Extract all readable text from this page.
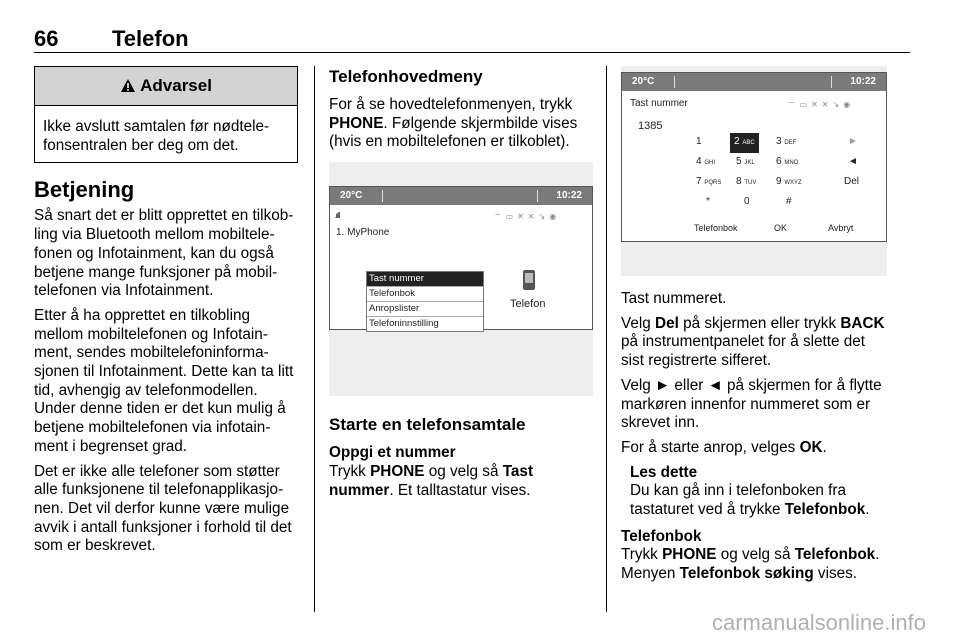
66 Telefon
Advarsel
Ikke avslutt samtalen før nødtelefonsentralen ber deg om det.
Betjening

Så snart det er blitt opprettet en tilkobling via Bluetooth mellom mobiltelefonen og Infotainment, kan du også betjene mange funksjoner på mobiltelefonen via Infotainment.

Etter å ha opprettet en tilkobling mellom mobiltelefonen og Infotainment, sendes mobiltelefoninformasjonen til Infotainment. Dette kan ta litt tid, avhengig av telefonmodellen. Under denne tiden er det kun mulig å betjene mobiltelefonen via infotainment i begrenset grad.

Det er ikke alle telefoner som støtter alle funksjonene til telefonapplikasjonen. Det vil derfor kunne være mulige avvik i antall funksjoner i forhold til det som er beskrevet.

Telefonhovedmeny

For å se hovedtelefonmenyen, trykk PHONE. Følgende skjermbilde vises (hvis en mobiltelefonen er tilkoblet).

20°C	10:22
.ııll	⌔▭✕✕↘◉
1. MyPhone
Tast nummer
Telefonbok
Anropslister
Telefoninnstilling
Telefon
Starte en telefonsamtale
Oppgi et nummer

Trykk PHONE og velg så Tast nummer. Et talltastatur vises.

20°C	10:22
Tast nummer	⌔▭✕✕↘◉
1385
1	2 ABC	3 DEF
4 GHI 5 JKL 6 MNO
7 PQRS 8 TUV 9 WXYZ
*	0	#
►
◄
Del
Telefonbok	OK	Avbryt

Tast nummeret.

Velg Del på skjermen eller trykk BACK på instrumentpanelet for å slette det sist registrerte sifferet.

Velg ► eller ◄ på skjermen for å flytte markøren innenfor nummeret som er skrevet inn.

For å starte anrop, velges OK.

Les dette
Du kan gå inn i telefonboken fra tastaturet ved å trykke Telefonbok.
Telefonbok

Trykk PHONE og velg så Telefonbok.

Menyen Telefonbok søking vises.

carmanualsonline.info
